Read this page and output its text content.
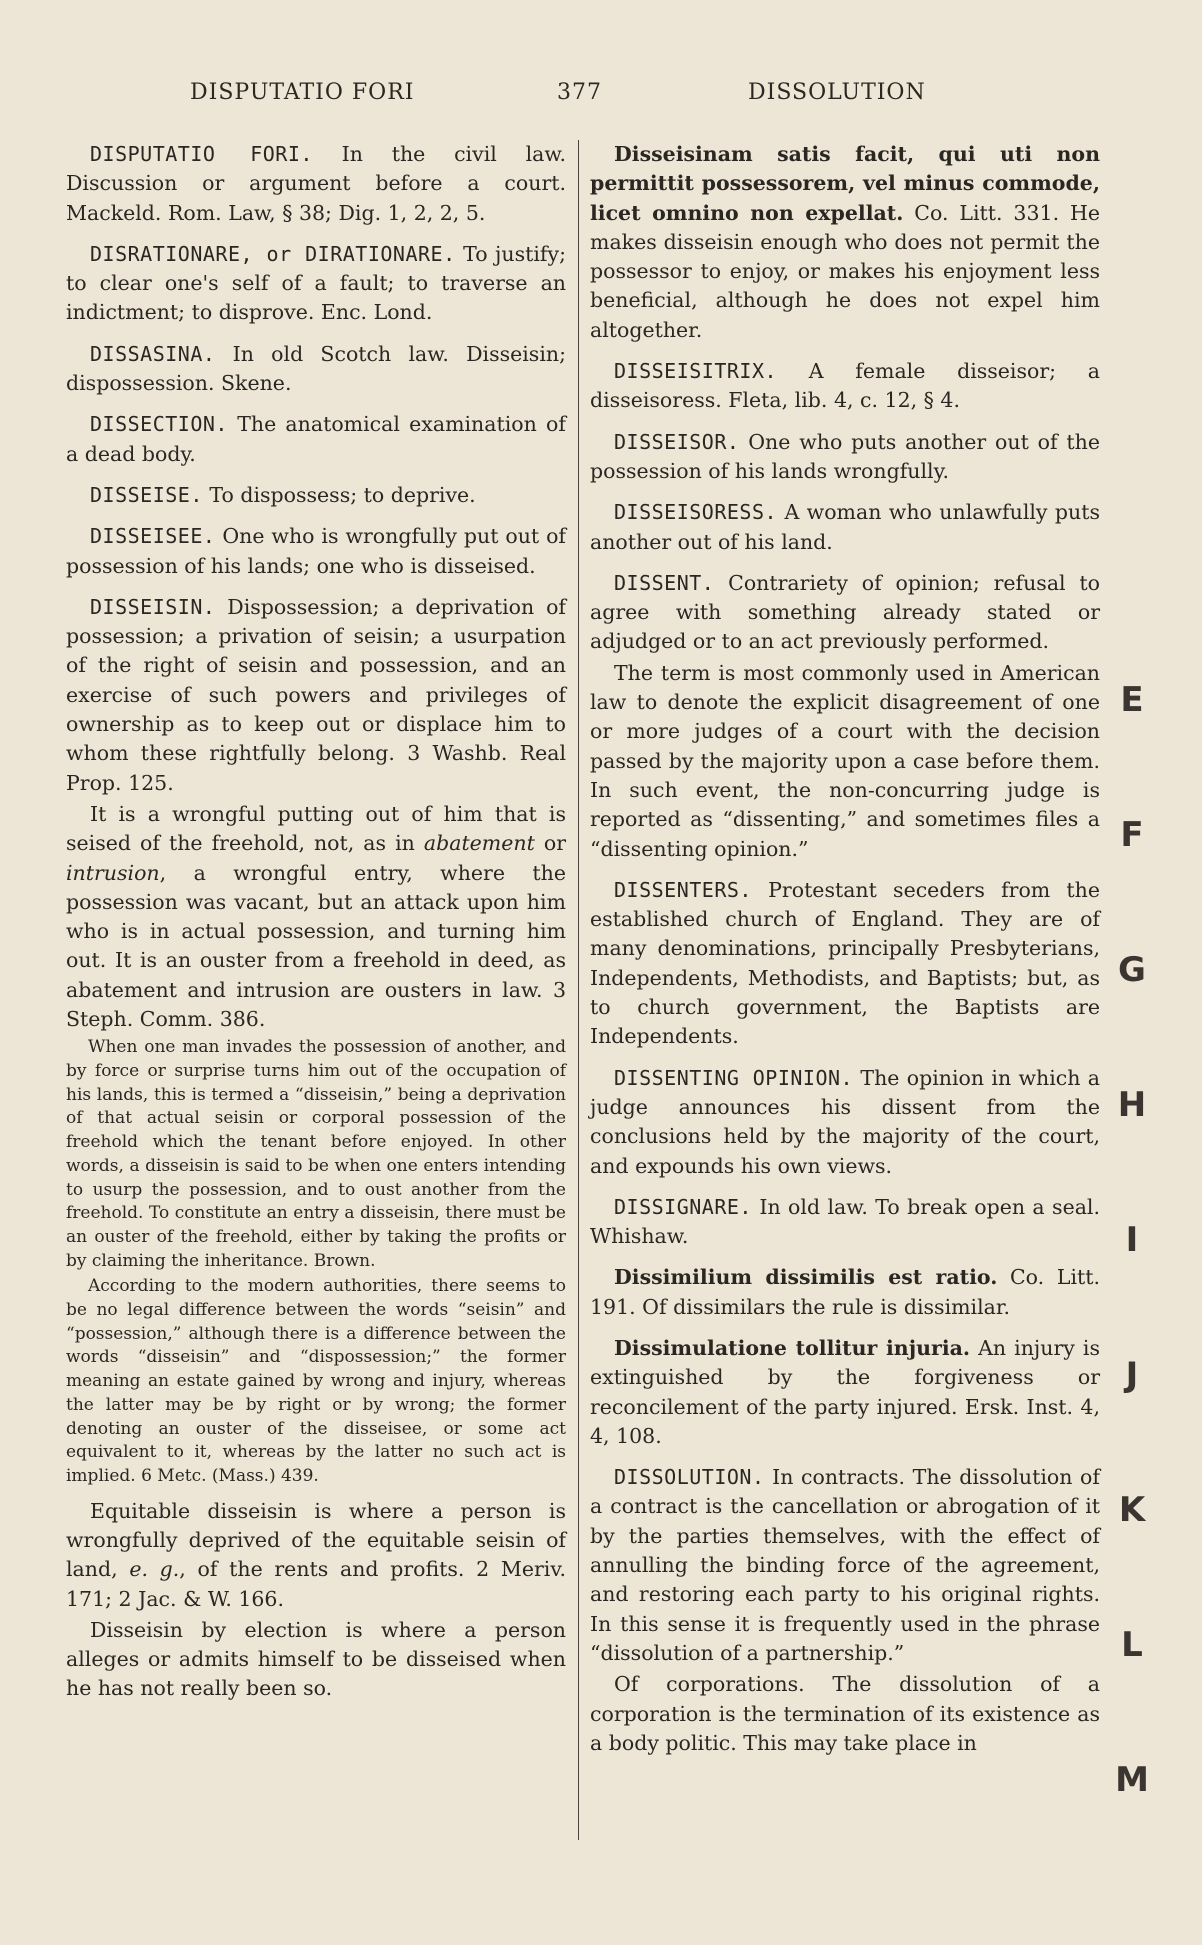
DISPUTATIO FORI	377	DISSOLUTION

DISPUTATIO FORI. In the civil law. Discussion or argument before a court. Mackeld. Rom. Law, § 38; Dig. 1, 2, 2, 5.

DISRATIONARE, or DIRATIONARE. To justify; to clear one's self of a fault; to traverse an indictment; to disprove. Enc. Lond.

DISSASINA. In old Scotch law. Disseisin; dispossession. Skene.

DISSECTION. The anatomical examination of a dead body.

DISSEISE. To dispossess; to deprive.

DISSEISEE. One who is wrongfully put out of possession of his lands; one who is disseised.

DISSEISIN. Dispossession; a deprivation of possession; a privation of seisin; a usurpation of the right of seisin and possession, and an exercise of such powers and privileges of ownership as to keep out or displace him to whom these rightfully belong. 3 Washb. Real Prop. 125.

It is a wrongful putting out of him that is seised of the freehold, not, as in abatement or intrusion, a wrongful entry, where the possession was vacant, but an attack upon him who is in actual possession, and turning him out. It is an ouster from a freehold in deed, as abatement and intrusion are ousters in law. 3 Steph. Comm. 386.

When one man invades the possession of another, and by force or surprise turns him out of the occupation of his lands, this is termed a “disseisin,” being a deprivation of that actual seisin or corporal possession of the freehold which the tenant before enjoyed. In other words, a disseisin is said to be when one enters intending to usurp the possession, and to oust another from the freehold. To constitute an entry a disseisin, there must be an ouster of the freehold, either by taking the profits or by claiming the inheritance. Brown.

According to the modern authorities, there seems to be no legal difference between the words “seisin” and “possession,” although there is a difference between the words “disseisin” and “dispossession;” the former meaning an estate gained by wrong and injury, whereas the latter may be by right or by wrong; the former denoting an ouster of the disseisee, or some act equivalent to it, whereas by the latter no such act is implied. 6 Metc. (Mass.) 439.

Equitable disseisin is where a person is wrongfully deprived of the equitable seisin of land, e. g., of the rents and profits. 2 Meriv. 171; 2 Jac. & W. 166.

Disseisin by election is where a person alleges or admits himself to be disseised when he has not really been so.

Disseisinam satis facit, qui uti non permittit possessorem, vel minus commode, licet omnino non expellat. Co. Litt. 331. He makes disseisin enough who does not permit the possessor to enjoy, or makes his enjoyment less beneficial, although he does not expel him altogether.

DISSEISITRIX. A female disseisor; a disseisoress. Fleta, lib. 4, c. 12, § 4.

DISSEISOR. One who puts another out of the possession of his lands wrongfully.

DISSEISORESS. A woman who unlawfully puts another out of his land.

DISSENT. Contrariety of opinion; refusal to agree with something already stated or adjudged or to an act previously performed.

The term is most commonly used in American law to denote the explicit disagreement of one or more judges of a court with the decision passed by the majority upon a case before them. In such event, the non-concurring judge is reported as “dissenting,” and sometimes files a “dissenting opinion.”

DISSENTERS. Protestant seceders from the established church of England. They are of many denominations, principally Presbyterians, Independents, Methodists, and Baptists; but, as to church government, the Baptists are Independents.

DISSENTING OPINION. The opinion in which a judge announces his dissent from the conclusions held by the majority of the court, and expounds his own views.

DISSIGNARE. In old law. To break open a seal. Whishaw.

Dissimilium dissimilis est ratio. Co. Litt. 191. Of dissimilars the rule is dissimilar.

Dissimulatione tollitur injuria. An injury is extinguished by the forgiveness or reconcilement of the party injured. Ersk. Inst. 4, 4, 108.

DISSOLUTION. In contracts. The dissolution of a contract is the cancellation or abrogation of it by the parties themselves, with the effect of annulling the binding force of the agreement, and restoring each party to his original rights. In this sense it is frequently used in the phrase “dissolution of a partnership.”

Of corporations. The dissolution of a corporation is the termination of its existence as a body politic. This may take place in

E
F
G
H
I
J
K
L
M
